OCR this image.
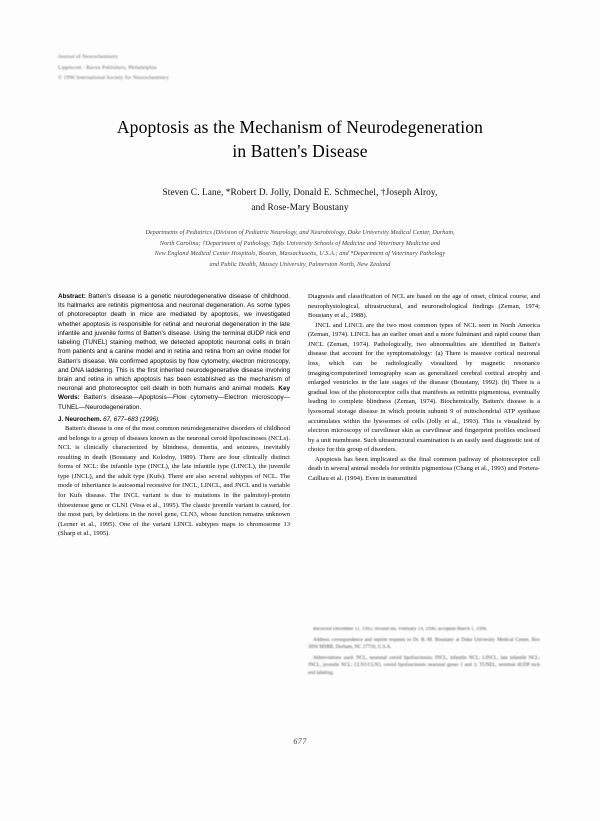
Journal of Neurochemistry
Lippincott - Raven Publishers, Philadelphia
© 1996 International Society for Neurochemistry
Apoptosis as the Mechanism of Neurodegeneration
in Batten's Disease
Steven C. Lane, *Robert D. Jolly, Donald E. Schmechel, †Joseph Alroy,
and Rose-Mary Boustany
Departments of Pediatrics (Division of Pediatric Neurology, and Neurobiology, Duke University Medical Center, Durham,
North Carolina; †Department of Pathology, Tufts University Schools of Medicine and Veterinary Medicine and
New England Medical Center Hospitals, Boston, Massachusetts, U.S.A.; and *Department of Veterinary Pathology
and Public Health, Massey University, Palmerston North, New Zealand
Abstract: Batten's disease is a genetic neurodegenerative disease of childhood. Its hallmarks are retinitis pigmentosa and neuronal degeneration. As some types of photoreceptor death in mice are mediated by apoptosis, we investigated whether apoptosis is responsible for retinal and neuronal degeneration in the late infantile and juvenile forms of Batten's disease. Using the terminal dUDP nick end labeling (TUNEL) staining method, we detected apoptotic neuronal cells in brain from patients and a canine model and in retina and retina from an ovine model for Batten's disease. We confirmed apoptosis by flow cytometry, electron microscopy, and DNA laddering. This is the first inherited neurodegenerative disease involving brain and retina in which apoptosis has been established as the mechanism of neuronal and photoreceptor cell death in both humans and animal models. Key Words: Batten's disease—Apoptosis—Flow cytometry—Electron microscopy—TUNEL—Neurodegeneration.
J. Neurochem. 67, 677–683 (1996).

Batten's disease is one of the most common neurodegenerative disorders of childhood and belongs to a group of diseases known as the neuronal ceroid lipofuscinoses (NCLs). NCL is clinically characterized by blindness, dementia, and seizures, inevitably resulting in death (Boustany and Kolodny, 1989). There are four clinically distinct forms of NCL: the infantile type (INCL), the late infantile type (LINCL), the juvenile type (JNCL), and the adult type (Kufs). There are also several subtypes of NCL. The mode of inheritance is autosomal recessive for INCL, LINCL, and JNCL and is variable for Kufs disease. The INCL variant is due to mutations in the palmitoyl-protein thioesterase gene or CLN1 (Vesa et al., 1995). The classic juvenile variant is caused, for the most part, by deletions in the novel gene, CLN3, whose function remains unknown (Lerner et al., 1995). One of the variant LINCL subtypes maps to chromosome 13 (Sharp et al., 1995).

Diagnosis and classification of NCL are based on the age of onset, clinical course, and neurophysiological, ultrastructural, and neuroradiological findings (Zeman, 1974; Boustany et al., 1988).

JNCL and LINCL are the two most common types of NCL seen in North America (Zeman, 1974). LINCL has an earlier onset and a more fulminant and rapid course than JNCL (Zeman, 1974). Pathologically, two abnormalities are identified in Batten's disease that account for the symptomatology: (a) There is massive cortical neuronal loss, which can be radiologically visualized by magnetic resonance imaging/computerized tomography scan as generalized cerebral cortical atrophy and enlarged ventricles in the late stages of the disease (Boustany, 1992). (b) There is a gradual loss of the photoreceptor cells that manifests as retinitis pigmentosa, eventually leading to complete blindness (Zeman, 1974). Biochemically, Batten's disease is a lysosomal storage disease in which protein subunit 9 of mitochondrial ATP synthase accumulates within the lysosomes of cells (Jolly et al., 1993). This is visualized by electron microscopy of curvilinear skin as curvilinear and fingerprint profiles enclosed by a unit membrane. Such ultrastructural examination is an easily used diagnostic test of choice for this group of disorders.

Apoptosis has been implicated as the final common pathway of photoreceptor cell death in several animal models for retinitis pigmentosa (Chang et al., 1993) and Portera-Cailliau et al. (1994). Even in transmitted

Received December 11, 1995; revised ms. February 14, 1996; accepted March 1, 1996.

Address correspondence and reprint requests to Dr. R.-M. Boustany at Duke University Medical Center, Box 3094 MSRB, Durham, NC 27710, U.S.A.

Abbreviations used: NCL, neuronal ceroid lipofuscinosis; INCL, infantile NCL; LINCL, late infantile NCL; JNCL, juvenile NCL; CLN1/CLN3, ceroid lipofuscinosis neuronal genes 1 and 3; TUNEL, terminal dUDP nick end labeling.

677
